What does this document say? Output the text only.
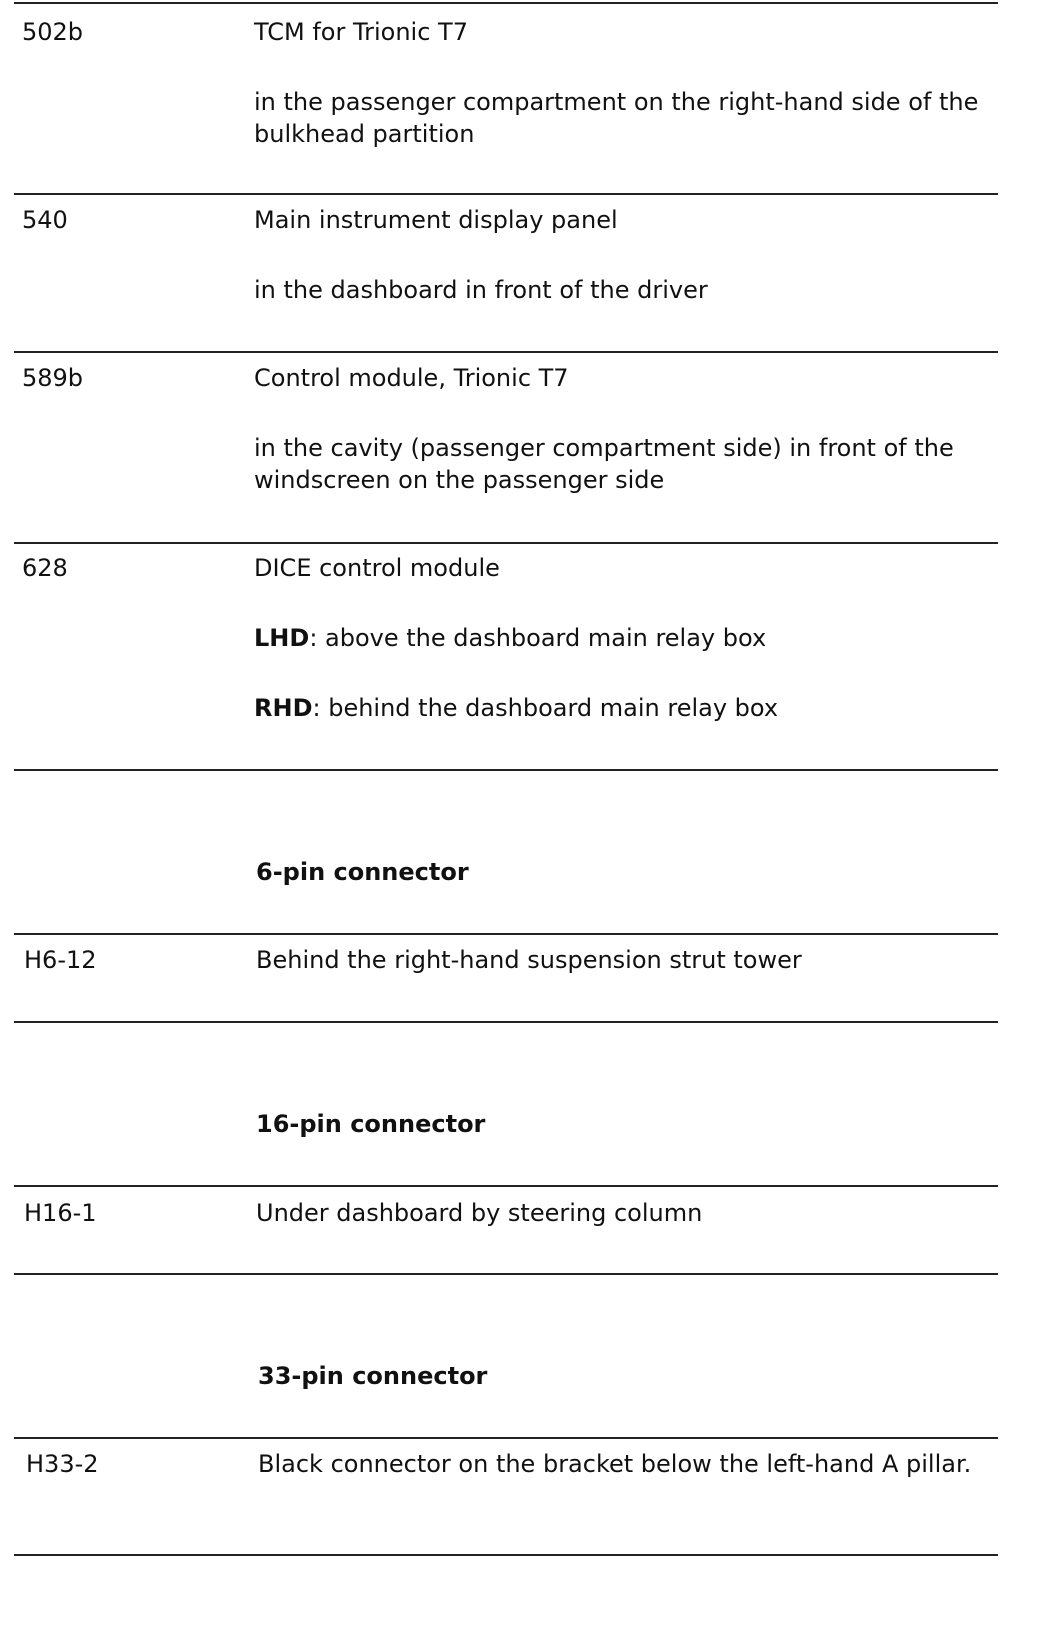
502b	TCM for Trionic T7
in the passenger compartment on the right-hand side of the bulkhead partition
540	Main instrument display panel
in the dashboard in front of the driver
589b	Control module, Trionic T7
in the cavity (passenger compartment side) in front of the windscreen on the passenger side
628	DICE control module
LHD: above the dashboard main relay box
RHD: behind the dashboard main relay box
6-pin connector
H6-12	Behind the right-hand suspension strut tower
16-pin connector
H16-1	Under dashboard by steering column
33-pin connector
H33-2	Black connector on the bracket below the left-hand A pillar.
